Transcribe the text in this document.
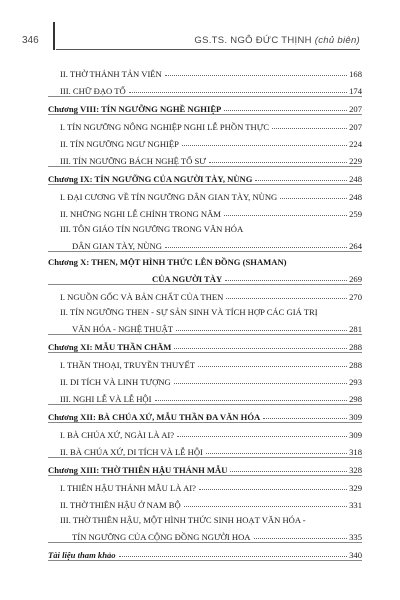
346	GS.TS. NGÔ ĐỨC THỊNH (chủ biên)
II. THỜ THÁNH TẢN VIÊN	168
III. CHỮ ĐẠO TỔ	174
Chương VIII: TÍN NGƯỠNG NGHỀ NGHIỆP	207
I. TÍN NGƯỠNG NÔNG NGHIỆP NGHI LỄ PHỒN THỰC	207
II. TÍN NGƯỠNG NGƯ NGHIỆP	224
III. TÍN NGƯỠNG BÁCH NGHỆ TỔ SƯ	229
Chương IX: TÍN NGƯỠNG CỦA NGƯỜI TÀY, NÙNG	248
I. ĐẠI CƯƠNG VỀ TÍN NGƯỠNG DÂN GIAN TÀY, NÙNG	248
II. NHỮNG NGHI LỄ CHÍNH TRONG NĂM	259
III. TÔN GIÁO TÍN NGƯỠNG TRONG VĂN HÓA
DÂN GIAN TÀY, NÙNG	264
Chương X: THEN, MỘT HÌNH THỨC LÊN ĐỒNG (SHAMAN)
CỦA NGƯỜI TÀY	269
I. NGUỒN GỐC VÀ BẢN CHẤT CỦA THEN	270
II. TÍN NGƯỠNG THEN - SỰ SẢN SINH VÀ TÍCH HỢP CÁC GIÁ TRỊ
VĂN HÓA - NGHỆ THUẬT	281
Chương XI: MẪU THẦN CHĂM	288
I. THẦN THOẠI, TRUYỀN THUYẾT	288
II. DI TÍCH VÀ LINH TƯỢNG	293
III. NGHI LỄ VÀ LỄ HỘI	298
Chương XII: BÀ CHÚA XỨ, MẪU THẦN ĐA VĂN HÓA	309
I. BÀ CHÚA XỨ, NGÀI LÀ AI?	309
II. BÀ CHÚA XỨ, DI TÍCH VÀ LỄ HỘI	318
Chương XIII: THỜ THIÊN HẬU THÁNH MẪU	328
I. THIÊN HẬU THÁNH MẪU LÀ AI?	329
II. THỜ THIÊN HẬU Ở NAM BỘ	331
III. THỜ THIÊN HẬU, MỘT HÌNH THỨC SINH HOẠT VĂN HÓA -
TÍN NGƯỠNG CỦA CỘNG ĐỒNG NGƯỜI HOA	335
Tài liệu tham khảo	340
